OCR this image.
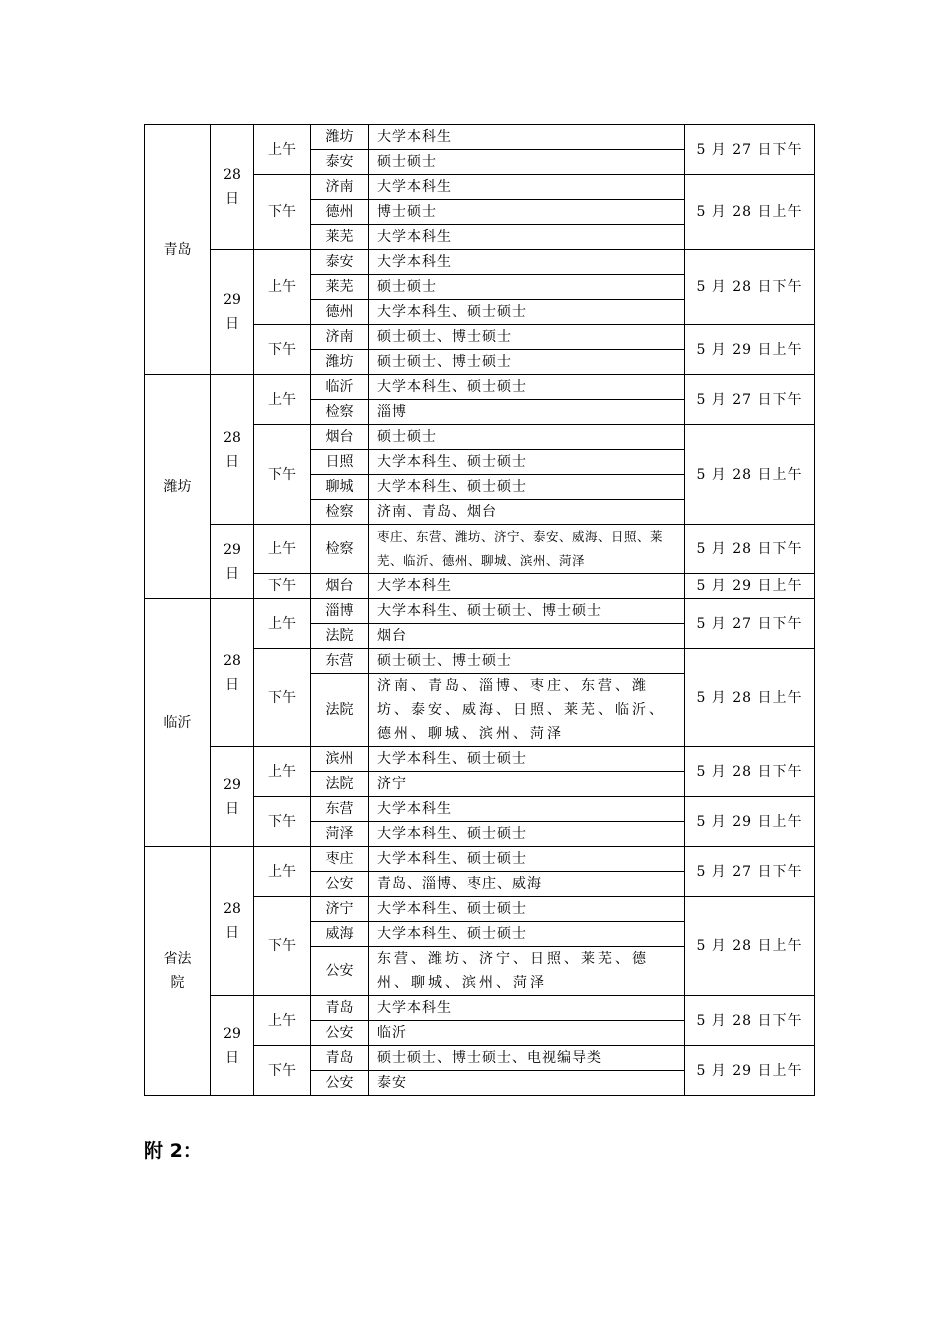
青岛	28
日	上午	潍坊	大学本科生	5 月 27 日下午
			泰安	硕士硕士	
		下午	济南	大学本科生	5 月 28 日上午
			德州	博士硕士	
			莱芜	大学本科生	
	29
日	上午	泰安	大学本科生	5 月 28 日下午
			莱芜	硕士硕士	
			德州	大学本科生、硕士硕士	
		下午	济南	硕士硕士、博士硕士	5 月 29 日上午
			潍坊	硕士硕士、博士硕士	
潍坊	28
日	上午	临沂	大学本科生、硕士硕士	5 月 27 日下午
			检察	淄博	
		下午	烟台	硕士硕士	5 月 28 日上午
			日照	大学本科生、硕士硕士	
			聊城	大学本科生、硕士硕士	
			检察	济南、青岛、烟台	
	29
日	上午	检察	枣庄、东营、潍坊、济宁、泰安、威海、日照、莱芜、临沂、德州、聊城、滨州、菏泽	5 月 28 日下午

		下午	烟台	大学本科生	5 月 29 日上午
临沂	28
日	上午	淄博	大学本科生、硕士硕士、博士硕士	5 月 27 日下午
			法院	烟台	
		下午	东营	硕士硕士、博士硕士	5 月 28 日上午
			法院	济南、青岛、淄博、枣庄、东营、潍坊、泰安、威海、日照、莱芜、临沂、德州、聊城、滨州、菏泽	

	29
日	上午	滨州	大学本科生、硕士硕士	5 月 28 日下午
			法院	济宁	
		下午	东营	大学本科生	5 月 29 日上午
			菏泽	大学本科生、硕士硕士	
省法
院	28
日	上午	枣庄	大学本科生、硕士硕士	5 月 27 日下午
			公安	青岛、淄博、枣庄、威海	
		下午	济宁	大学本科生、硕士硕士	5 月 28 日上午
			威海	大学本科生、硕士硕士	
			公安	东营、潍坊、济宁、日照、莱芜、德州、聊城、滨州、菏泽	

	29
日	上午	青岛	大学本科生	5 月 28 日下午
			公安	临沂	
		下午	青岛	硕士硕士、博士硕士、电视编导类	5 月 29 日上午
			公安	泰安	
附 2：
